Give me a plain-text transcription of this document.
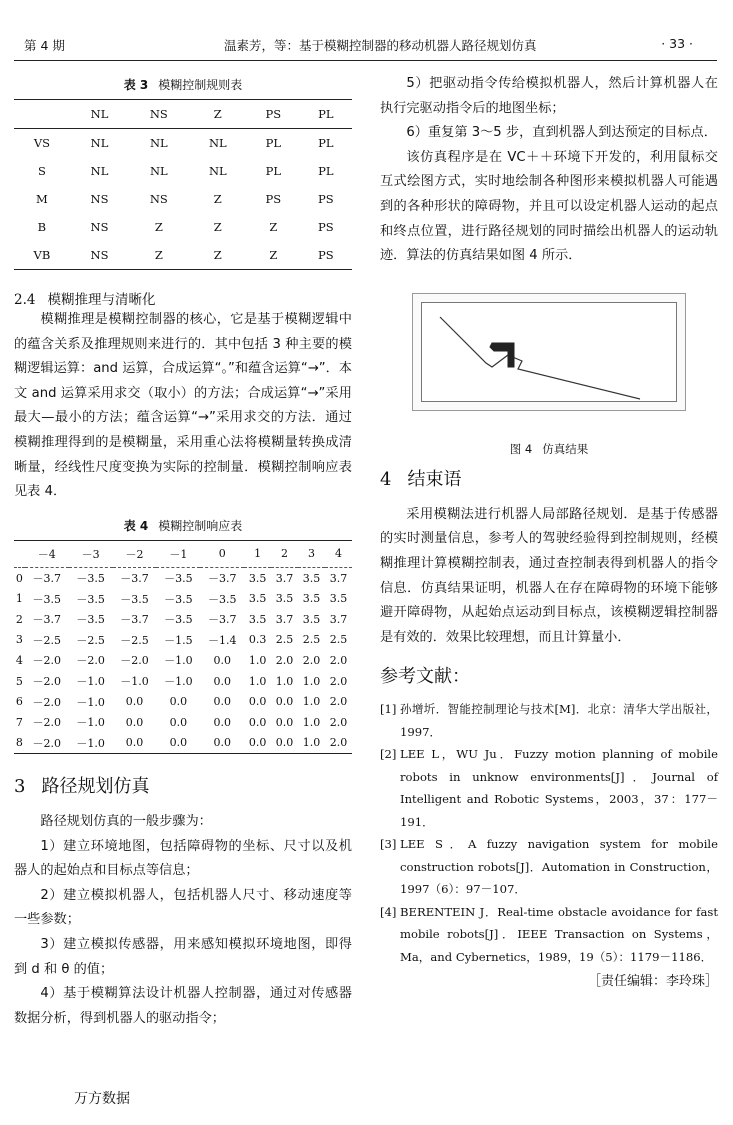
第 4 期	温素芳，等：基于模糊控制器的移动机器人路径规划仿真	· 33 ·
表 3 模糊控制规则表
	NL	NS	Z	PS	PL
VS	NL	NL	NL	PL	PL
S	NL	NL	NL	PL	PL
M	NS	NS	Z	PS	PS
B	NS	Z	Z	Z	PS
VB	NS	Z	Z	Z	PS
2.4 模糊推理与清晰化

模糊推理是模糊控制器的核心，它是基于模糊逻辑中的蕴含关系及推理规则来进行的．其中包括 3 种主要的模糊逻辑运算：and 运算，合成运算“。”和蕴含运算“→”．本文 and 运算采用求交（取小）的方法；合成运算“→”采用最大—最小的方法；蕴含运算“→”采用求交的方法．通过模糊推理得到的是模糊量，采用重心法将模糊量转换成清晰量，经线性尺度变换为实际的控制量．模糊控制响应表见表 4．

表 4 模糊控制响应表
	－4	－3	－2	－1	0	1	2	3	4
0	－3.7	－3.5	－3.7	－3.5	－3.7	3.5	3.7	3.5	3.7
1	－3.5	－3.5	－3.5	－3.5	－3.5	3.5	3.5	3.5	3.5
2	－3.7	－3.5	－3.7	－3.5	－3.7	3.5	3.7	3.5	3.7
3	－2.5	－2.5	－2.5	－1.5	－1.4	0.3	2.5	2.5	2.5
4	－2.0	－2.0	－2.0	－1.0	0.0	1.0	2.0	2.0	2.0
5	－2.0	－1.0	－1.0	－1.0	0.0	1.0	1.0	1.0	2.0
6	－2.0	－1.0	0.0	0.0	0.0	0.0	0.0	1.0	2.0
7	－2.0	－1.0	0.0	0.0	0.0	0.0	0.0	1.0	2.0
8	－2.0	－1.0	0.0	0.0	0.0	0.0	0.0	1.0	2.0
3 路径规划仿真

路径规划仿真的一般步骤为：

1）建立环境地图，包括障碍物的坐标、尺寸以及机器人的起始点和目标点等信息；

2）建立模拟机器人，包括机器人尺寸、移动速度等一些参数；

3）建立模拟传感器，用来感知模拟环境地图，即得到 d 和 θ 的值；

4）基于模糊算法设计机器人控制器，通过对传感器数据分析，得到机器人的驱动指令；

5）把驱动指令传给模拟机器人，然后计算机器人在执行完驱动指令后的地图坐标；

6）重复第 3～5 步，直到机器人到达预定的目标点．

该仿真程序是在 VC＋＋环境下开发的，利用鼠标交互式绘图方式，实时地绘制各种图形来模拟机器人可能遇到的各种形状的障碍物，并且可以设定机器人运动的起点和终点位置，进行路径规划的同时描绘出机器人的运动轨迹．算法的仿真结果如图 4 所示．

图 4 仿真结果
4 结束语

采用模糊法进行机器人局部路径规划．是基于传感器的实时测量信息，参考人的驾驶经验得到控制规则，经模糊推理计算模糊控制表，通过查控制表得到机器人的指令信息．仿真结果证明，机器人在存在障碍物的环境下能够避开障碍物，从起始点运动到目标点，该模糊逻辑控制器是有效的．效果比较理想，而且计算量小．

参考文献：
[1] 孙增圻．智能控制理论与技术[M]．北京：清华大学出版社，1997．
[2] LEE L，WU Ju．Fuzzy motion planning of mobile robots in unknow environments[J]．Journal of Intelligent and Robotic Systems，2003，37：177－191．
[3] LEE S．A fuzzy navigation system for mobile construction robots[J]．Automation in Construction，1997（6）：97－107．
[4] BERENTEIN J．Real-time obstacle avoidance for fast mobile robots[J]．IEEE Transaction on Systems，Ma，and Cybernetics，1989，19（5）：1179－1186．
［责任编辑：李玲珠］
万方数据
